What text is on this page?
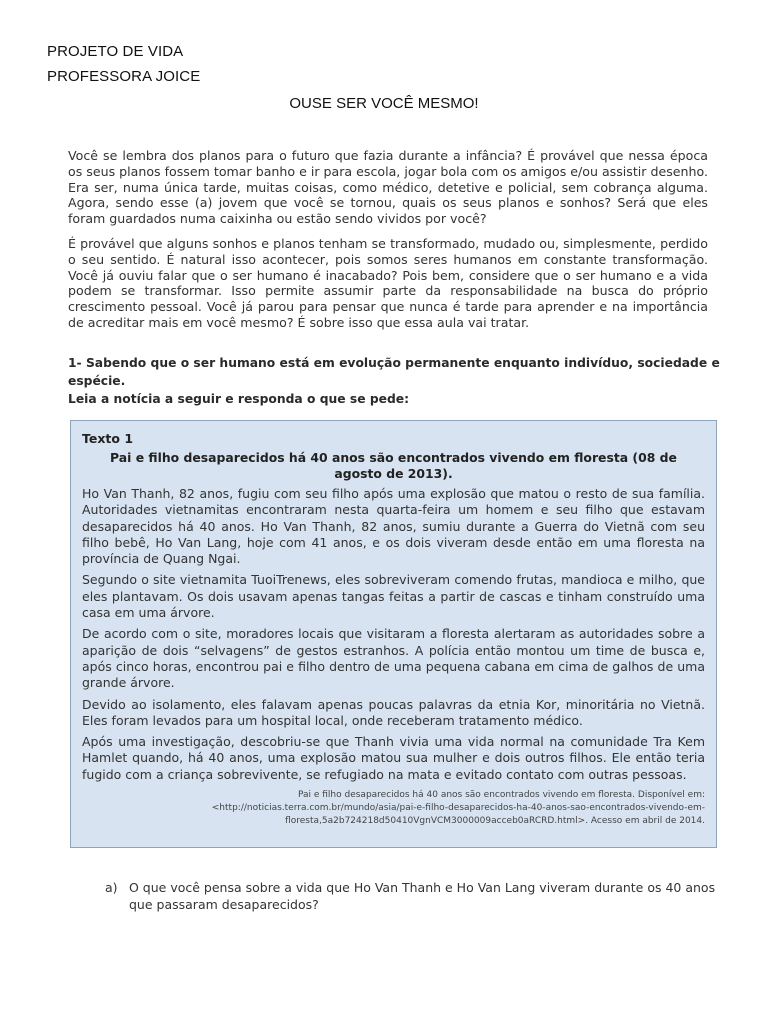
PROJETO DE VIDA
PROFESSORA JOICE
OUSE SER VOCÊ MESMO!
Você se lembra dos planos para o futuro que fazia durante a infância? É provável que nessa época os seus planos fossem tomar banho e ir para escola, jogar bola com os amigos e/ou assistir desenho. Era ser, numa única tarde, muitas coisas, como médico, detetive e policial, sem cobrança alguma. Agora, sendo esse (a) jovem que você se tornou, quais os seus planos e sonhos? Será que eles foram guardados numa caixinha ou estão sendo vividos por você?
É provável que alguns sonhos e planos tenham se transformado, mudado ou, simplesmente, perdido o seu sentido. É natural isso acontecer, pois somos seres humanos em constante transformação. Você já ouviu falar que o ser humano é inacabado? Pois bem, considere que o ser humano e a vida podem se transformar. Isso permite assumir parte da responsabilidade na busca do próprio crescimento pessoal. Você já parou para pensar que nunca é tarde para aprender e na importância de acreditar mais em você mesmo? É sobre isso que essa aula vai tratar.
1- Sabendo que o ser humano está em evolução permanente enquanto indivíduo, sociedade e espécie.
Leia a notícia a seguir e responda o que se pede:
Texto 1
Pai e filho desaparecidos há 40 anos são encontrados vivendo em floresta (08 de agosto de 2013).
Ho Van Thanh, 82 anos, fugiu com seu filho após uma explosão que matou o resto de sua família. Autoridades vietnamitas encontraram nesta quarta-feira um homem e seu filho que estavam desaparecidos há 40 anos. Ho Van Thanh, 82 anos, sumiu durante a Guerra do Vietnã com seu filho bebê, Ho Van Lang, hoje com 41 anos, e os dois viveram desde então em uma floresta na província de Quang Ngai.
Segundo o site vietnamita TuoiTrenews, eles sobreviveram comendo frutas, mandioca e milho, que eles plantavam. Os dois usavam apenas tangas feitas a partir de cascas e tinham construído uma casa em uma árvore.
De acordo com o site, moradores locais que visitaram a floresta alertaram as autoridades sobre a aparição de dois “selvagens” de gestos estranhos. A polícia então montou um time de busca e, após cinco horas, encontrou pai e filho dentro de uma pequena cabana em cima de galhos de uma grande árvore.
Devido ao isolamento, eles falavam apenas poucas palavras da etnia Kor, minoritária no Vietnã. Eles foram levados para um hospital local, onde receberam tratamento médico.
Após uma investigação, descobriu-se que Thanh vivia uma vida normal na comunidade Tra Kem Hamlet quando, há 40 anos, uma explosão matou sua mulher e dois outros filhos. Ele então teria fugido com a criança sobrevivente, se refugiado na mata e evitado contato com outras pessoas.
Pai e filho desaparecidos há 40 anos são encontrados vivendo em floresta. Disponível em: <http://noticias.terra.com.br/mundo/asia/pai-e-filho-desaparecidos-ha-40-anos-sao-encontrados-vivendo-em-floresta,5a2b724218d50410VgnVCM3000009acceb0aRCRD.html>. Acesso em abril de 2014.
a) O que você pensa sobre a vida que Ho Van Thanh e Ho Van Lang viveram durante os 40 anos que passaram desaparecidos?
